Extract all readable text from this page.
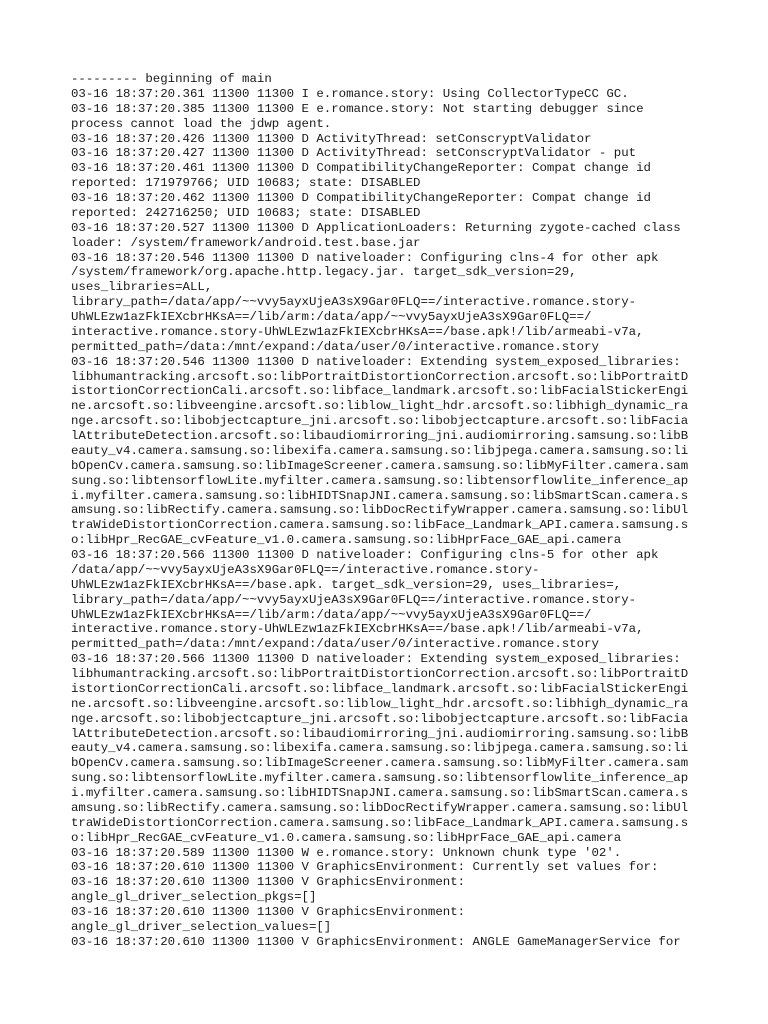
--------- beginning of main
03-16 18:37:20.361 11300 11300 I e.romance.story: Using CollectorTypeCC GC.
03-16 18:37:20.385 11300 11300 E e.romance.story: Not starting debugger since
process cannot load the jdwp agent.
03-16 18:37:20.426 11300 11300 D ActivityThread: setConscryptValidator
03-16 18:37:20.427 11300 11300 D ActivityThread: setConscryptValidator - put
03-16 18:37:20.461 11300 11300 D CompatibilityChangeReporter: Compat change id
reported: 171979766; UID 10683; state: DISABLED
03-16 18:37:20.462 11300 11300 D CompatibilityChangeReporter: Compat change id
reported: 242716250; UID 10683; state: DISABLED
03-16 18:37:20.527 11300 11300 D ApplicationLoaders: Returning zygote-cached class
loader: /system/framework/android.test.base.jar
03-16 18:37:20.546 11300 11300 D nativeloader: Configuring clns-4 for other apk
/system/framework/org.apache.http.legacy.jar. target_sdk_version=29,
uses_libraries=ALL,
library_path=/data/app/~~vvy5ayxUjeA3sX9Gar0FLQ==/interactive.romance.story-
UhWLEzw1azFkIEXcbrHKsA==/lib/arm:/data/app/~~vvy5ayxUjeA3sX9Gar0FLQ==/
interactive.romance.story-UhWLEzw1azFkIEXcbrHKsA==/base.apk!/lib/armeabi-v7a,
permitted_path=/data:/mnt/expand:/data/user/0/interactive.romance.story
03-16 18:37:20.546 11300 11300 D nativeloader: Extending system_exposed_libraries:
libhumantracking.arcsoft.so:libPortraitDistortionCorrection.arcsoft.so:libPortraitD
istortionCorrectionCali.arcsoft.so:libface_landmark.arcsoft.so:libFacialStickerEngi
ne.arcsoft.so:libveengine.arcsoft.so:liblow_light_hdr.arcsoft.so:libhigh_dynamic_ra
nge.arcsoft.so:libobjectcapture_jni.arcsoft.so:libobjectcapture.arcsoft.so:libFacia
lAttributeDetection.arcsoft.so:libaudiomirroring_jni.audiomirroring.samsung.so:libB
eauty_v4.camera.samsung.so:libexifa.camera.samsung.so:libjpega.camera.samsung.so:li
bOpenCv.camera.samsung.so:libImageScreener.camera.samsung.so:libMyFilter.camera.sam
sung.so:libtensorflowLite.myfilter.camera.samsung.so:libtensorflowlite_inference_ap
i.myfilter.camera.samsung.so:libHIDTSnapJNI.camera.samsung.so:libSmartScan.camera.s
amsung.so:libRectify.camera.samsung.so:libDocRectifyWrapper.camera.samsung.so:libUl
traWideDistortionCorrection.camera.samsung.so:libFace_Landmark_API.camera.samsung.s
o:libHpr_RecGAE_cvFeature_v1.0.camera.samsung.so:libHprFace_GAE_api.camera
03-16 18:37:20.566 11300 11300 D nativeloader: Configuring clns-5 for other apk
/data/app/~~vvy5ayxUjeA3sX9Gar0FLQ==/interactive.romance.story-
UhWLEzw1azFkIEXcbrHKsA==/base.apk. target_sdk_version=29, uses_libraries=,
library_path=/data/app/~~vvy5ayxUjeA3sX9Gar0FLQ==/interactive.romance.story-
UhWLEzw1azFkIEXcbrHKsA==/lib/arm:/data/app/~~vvy5ayxUjeA3sX9Gar0FLQ==/
interactive.romance.story-UhWLEzw1azFkIEXcbrHKsA==/base.apk!/lib/armeabi-v7a,
permitted_path=/data:/mnt/expand:/data/user/0/interactive.romance.story
03-16 18:37:20.566 11300 11300 D nativeloader: Extending system_exposed_libraries:
libhumantracking.arcsoft.so:libPortraitDistortionCorrection.arcsoft.so:libPortraitD
istortionCorrectionCali.arcsoft.so:libface_landmark.arcsoft.so:libFacialStickerEngi
ne.arcsoft.so:libveengine.arcsoft.so:liblow_light_hdr.arcsoft.so:libhigh_dynamic_ra
nge.arcsoft.so:libobjectcapture_jni.arcsoft.so:libobjectcapture.arcsoft.so:libFacia
lAttributeDetection.arcsoft.so:libaudiomirroring_jni.audiomirroring.samsung.so:libB
eauty_v4.camera.samsung.so:libexifa.camera.samsung.so:libjpega.camera.samsung.so:li
bOpenCv.camera.samsung.so:libImageScreener.camera.samsung.so:libMyFilter.camera.sam
sung.so:libtensorflowLite.myfilter.camera.samsung.so:libtensorflowlite_inference_ap
i.myfilter.camera.samsung.so:libHIDTSnapJNI.camera.samsung.so:libSmartScan.camera.s
amsung.so:libRectify.camera.samsung.so:libDocRectifyWrapper.camera.samsung.so:libUl
traWideDistortionCorrection.camera.samsung.so:libFace_Landmark_API.camera.samsung.s
o:libHpr_RecGAE_cvFeature_v1.0.camera.samsung.so:libHprFace_GAE_api.camera
03-16 18:37:20.589 11300 11300 W e.romance.story: Unknown chunk type '02'.
03-16 18:37:20.610 11300 11300 V GraphicsEnvironment: Currently set values for:
03-16 18:37:20.610 11300 11300 V GraphicsEnvironment:
angle_gl_driver_selection_pkgs=[]
03-16 18:37:20.610 11300 11300 V GraphicsEnvironment:
angle_gl_driver_selection_values=[]
03-16 18:37:20.610 11300 11300 V GraphicsEnvironment: ANGLE GameManagerService for
